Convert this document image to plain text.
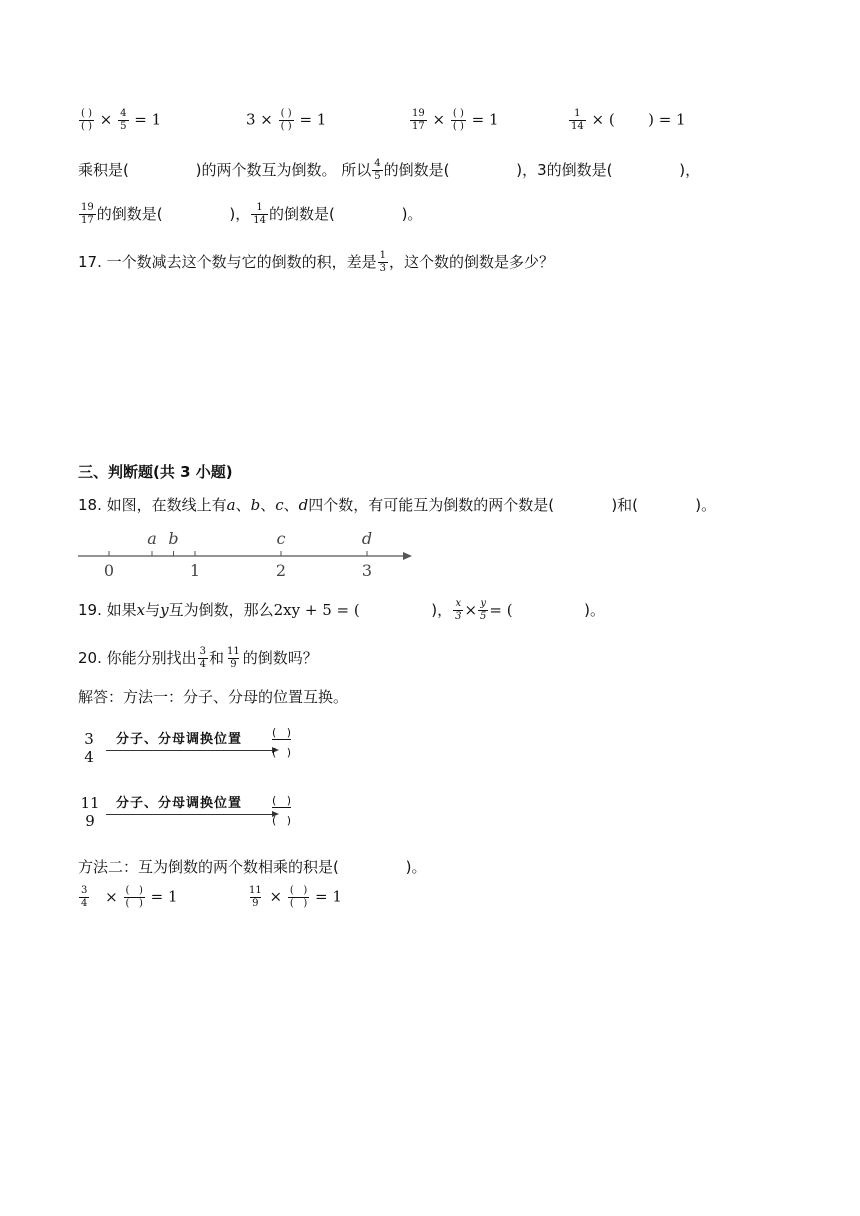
$\frac{( )}{( )} \times \frac{4}{5} = 1$	$3 \times \frac{( )}{( )} = 1$	$\frac{19}{17} \times \frac{( )}{( )} = 1$	$\frac{1}{14}$ × (       ) = 1
乘积是(	)的两个数互为倒数。 所以 $\frac{4}{5}$ 的倒数是(	)，3的倒数是(	)，
$\frac{19}{17}$ 的倒数是(	)， $\frac{1}{14}$ 的倒数是(	)。
17. 一个数减去这个数与它的倒数的积，差是 $\frac{1}{3}$ ，这个数的倒数是多少？
三、判断题(共 3 小题)
18. 如图，在数线上有a、b、c、d四个数，有可能互为倒数的两个数是(	)和(	)。
0	1	2	3
a b	c	d
19. 如果x与y互为倒数，那么2xy + 5 = (	)， $\frac{x}{3} \times \frac{y}{5}$ = (	)。
20. 你能分别找出 $\frac{3}{4}$ 和 $\frac{11}{9}$ 的倒数吗？
解答：方法一：分子、分母的位置互换。
3
4
分子、分母调换位置	(   )
(   )
11
9
分子、分母调换位置	(   )
(   )
方法二：互为倒数的两个数相乘的积是(	)。
$\frac{3}{4} \times \frac{( )}{( )} = 1$	$\frac{11}{9} \times \frac{( )}{( )} = 1$
